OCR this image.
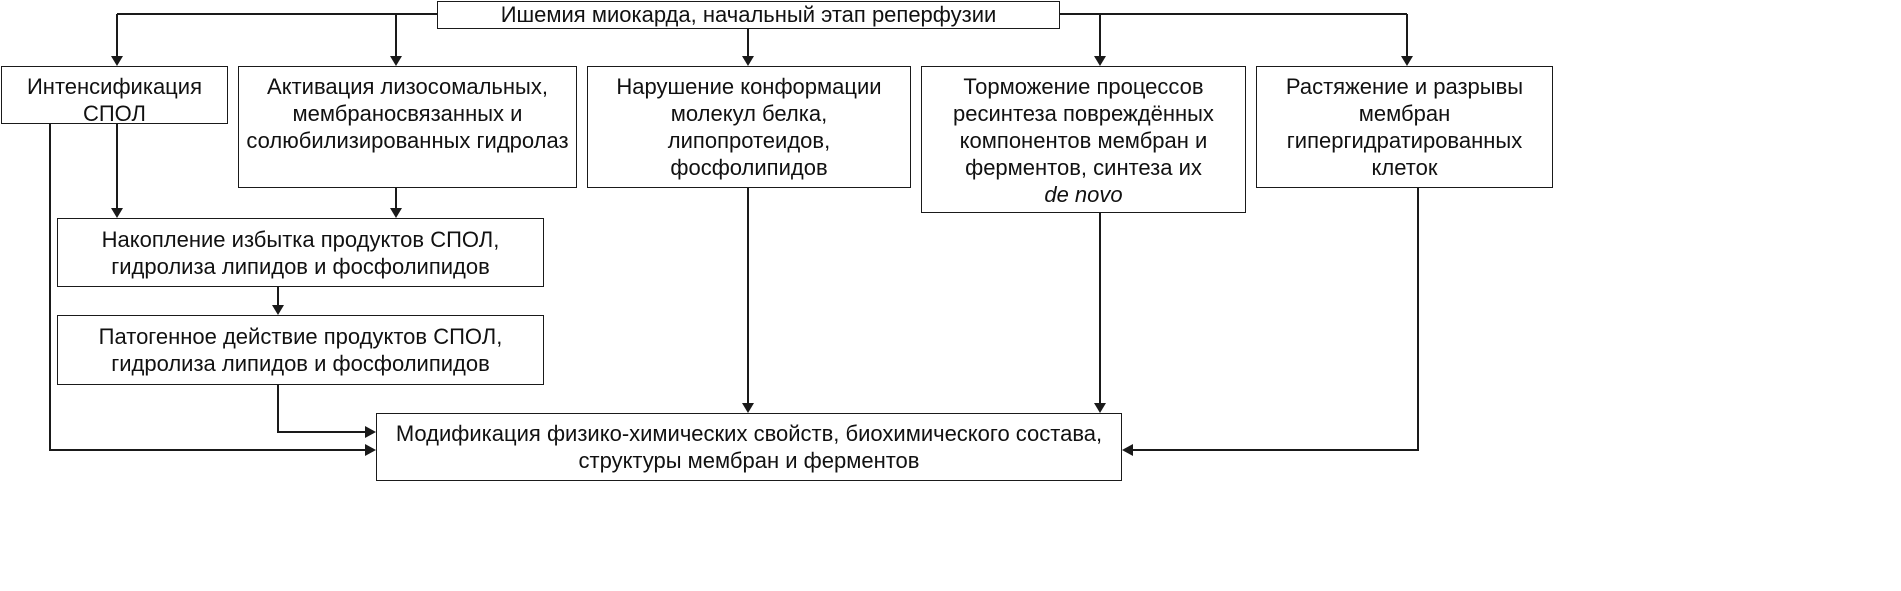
Ишемия миокарда, начальный этап реперфузии

Интенсификация СПОЛ

Активация лизосомальных, мембраносвязанных и солюбилизированных гидролаз

Нарушение конформации молекул белка, липопротеидов, фосфолипидов

Торможение процессов ресинтеза повреждённых компонентов мембран и ферментов, синтеза их
de novo

Растяжение и разрывы мембран гипергидратированных клеток

Накопление избытка продуктов СПОЛ, гидролиза липидов и фосфолипидов

Патогенное действие продуктов СПОЛ, гидролиза липидов и фосфолипидов

Модификация физико-химических свойств, биохимического состава, структуры мембран и ферментов
